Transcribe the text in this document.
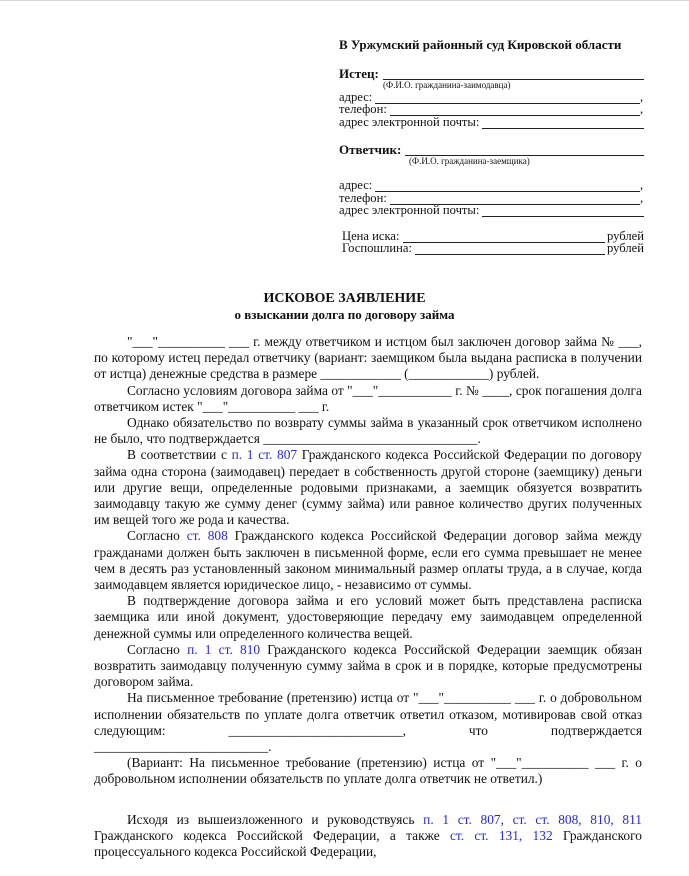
В Уржумский районный суд Кировской области
Истец:
(Ф.И.О. гражданина-заимодавца)
адрес:	,
телефон:	,
адрес электронной почты:
Ответчик:
(Ф.И.О. гражданина-заемщика)
адрес:	,
телефон:	,
адрес электронной почты:
Цена иска:	рублей
Госпошлина:	рублей
ИСКОВОЕ ЗАЯВЛЕНИЕ
о взыскании долга по договору займа

"___"__________ ___ г. между ответчиком и истцом был заключен договор займа № ___, по которому истец передал ответчику (вариант: заемщиком была выдана расписка в получении от истца) денежные средства в размере ____________ (____________) рублей.

Согласно условиям договора займа от "___"___________ г. № ____, срок погашения долга ответчиком истек "___"__________ ___ г.

Однако обязательство по возврату суммы займа в указанный срок ответчиком исполнено не было, что подтверждается ________________________________.

В соответствии с п. 1 ст. 807 Гражданского кодекса Российской Федерации по договору займа одна сторона (заимодавец) передает в собственность другой стороне (заемщику) деньги или другие вещи, определенные родовыми признаками, а заемщик обязуется возвратить заимодавцу такую же сумму денег (сумму займа) или равное количество других полученных им вещей того же рода и качества.

Согласно ст. 808 Гражданского кодекса Российской Федерации договор займа между гражданами должен быть заключен в письменной форме, если его сумма превышает не менее чем в десять раз установленный законом минимальный размер оплаты труда, а в случае, когда заимодавцем является юридическое лицо, - независимо от суммы.

В подтверждение договора займа и его условий может быть представлена расписка заемщика или иной документ, удостоверяющие передачу ему заимодавцем определенной денежной суммы или определенного количества вещей.

Согласно п. 1 ст. 810 Гражданского кодекса Российской Федерации заемщик обязан возвратить заимодавцу полученную сумму займа в срок и в порядке, которые предусмотрены договором займа.

На письменное требование (претензию) истца от "___"__________ ___ г. о добровольном исполнении обязательств по уплате долга ответчик ответил отказом, мотивировав свой отказ следующим: __________________________, что подтверждается __________________________.

(Вариант: На письменное требование (претензию) истца от "___"__________ ___ г. о добровольном исполнении обязательств по уплате долга ответчик не ответил.)

Исходя из вышеизложенного и руководствуясь п. 1 ст. 807, ст. ст. 808, 810, 811 Гражданского кодекса Российской Федерации, а также ст. ст. 131, 132 Гражданского процессуального кодекса Российской Федерации,
